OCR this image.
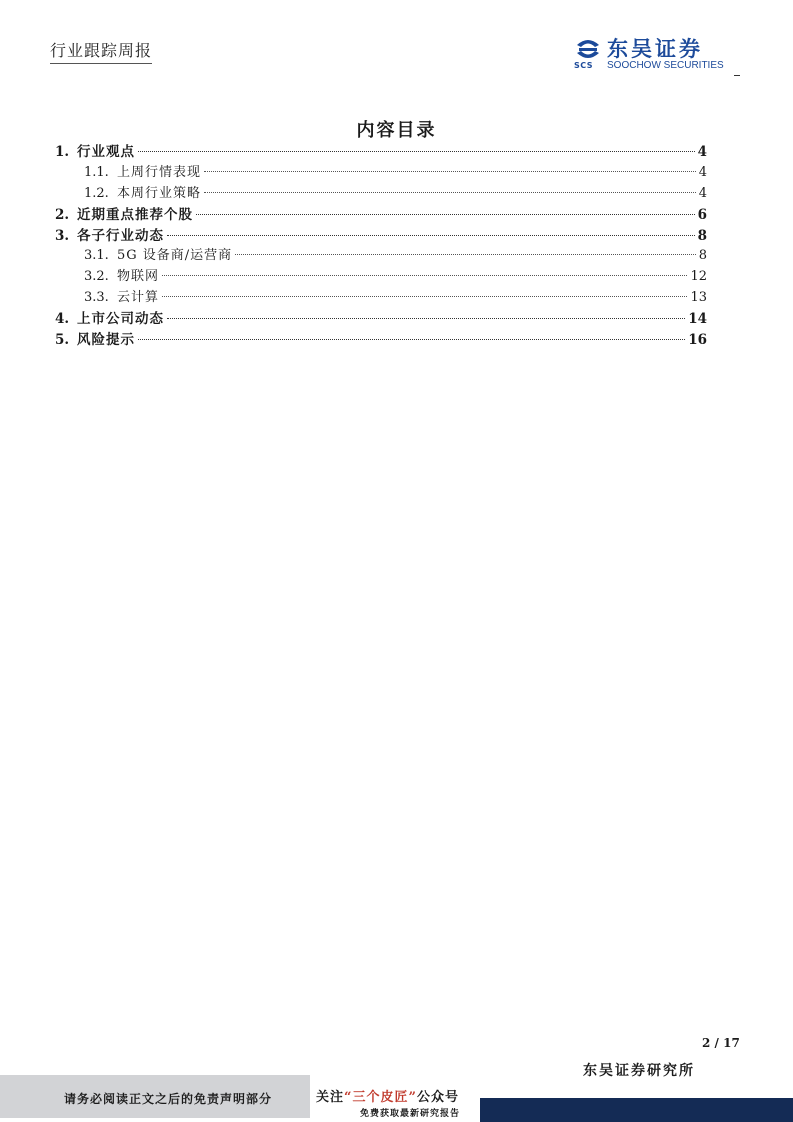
行业跟踪周报	东吴证券
SCS SOOCHOW SECURITIES
内容目录
1. 行业观点	4
1.1. 上周行情表现	4
1.2. 本周行业策略	4
2. 近期重点推荐个股	6
3. 各子行业动态	8
3.1. 5G 设备商/运营商	8
3.2. 物联网	12
3.3. 云计算	13
4. 上市公司动态	14
5. 风险提示	16
2 / 17
东吴证券研究所
请务必阅读正文之后的免责声明部分	关注“三个皮匠”公众号
免费获取最新研究报告
